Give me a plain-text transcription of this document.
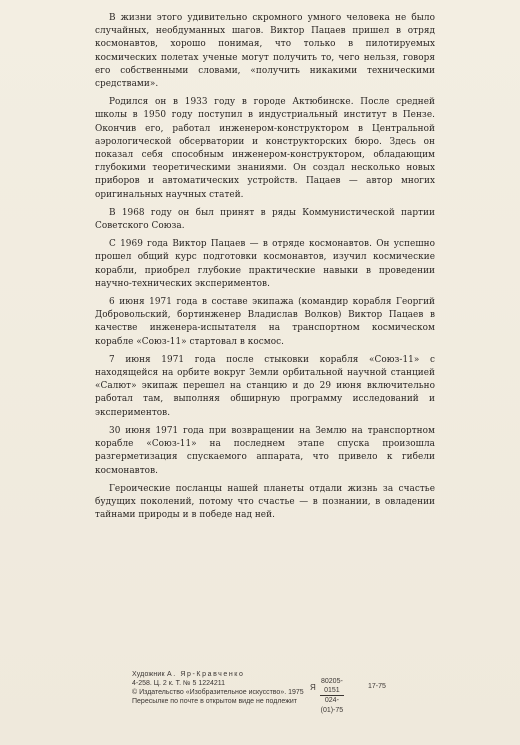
В жизни этого удивительно скромного умного человека не было случайных, необдуманных шагов. Виктор Пацаев пришел в отряд космонавтов, хорошо понимая, что только в пилотируемых космических полетах ученые могут получить то, чего нельзя, говоря его собственными словами, «получить никакими техническими средствами».

Родился он в 1933 году в городе Актюбинске. После средней школы в 1950 году поступил в индустриальный институт в Пензе. Окончив его, работал инженером-конструктором в Центральной аэрологической обсерватории и конструкторских бюро. Здесь он показал себя способным инженером-конструктором, обладающим глубокими теоретическими знаниями. Он создал несколько новых приборов и автоматических устройств. Пацаев — автор многих оригинальных научных статей.

В 1968 году он был принят в ряды Коммунистической партии Советского Союза.

С 1969 года Виктор Пацаев — в отряде космонавтов. Он успешно прошел общий курс подготовки космонавтов, изучил космические корабли, приобрел глубокие практические навыки в проведении научно-технических экспериментов.

6 июня 1971 года в составе экипажа (командир корабля Георгий Добровольский, бортинженер Владислав Волков) Виктор Пацаев в качестве инженера-испытателя на транспортном космическом корабле «Союз-11» стартовал в космос.

7 июня 1971 года после стыковки корабля «Союз-11» с находящейся на орбите вокруг Земли орбитальной научной станцией «Салют» экипаж перешел на станцию и до 29 июня включительно работал там, выполняя обширную программу исследований и экспериментов.

30 июня 1971 года при возвращении на Землю на транспортном корабле «Союз-11» на последнем этапе спуска произошла разгерметизация спускаемого аппарата, что привело к гибели космонавтов.

Героические посланцы нашей планеты отдали жизнь за счастье будущих поколений, потому что счастье — в познании, в овладении тайнами природы и в победе над ней.

Художник А. Яр-Кравченко
4-258. Ц. 2 к. Т. № 5 1224211
© Издательство «Изобразительное искусство». 1975
Пересылке по почте в открытом виде не подлежит
Я $\frac{80205-0151}{024-(01)-75}$	17-75
